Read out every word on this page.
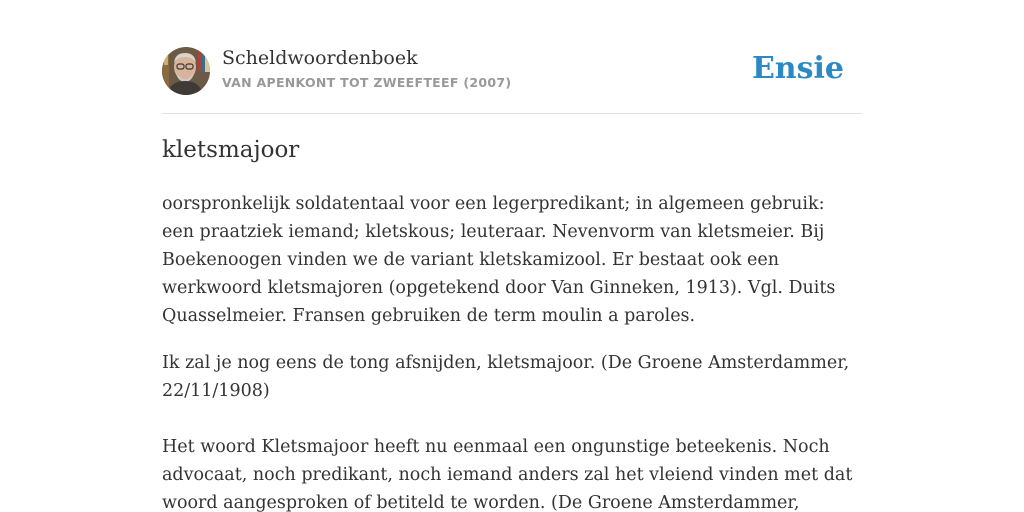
Scheldwoordenboek
VAN APENKONT TOT ZWEEFTEEF (2007)	Ensie
kletsmajoor

oorspronkelijk soldatentaal voor een legerpredikant; in algemeen gebruik: een praatziek iemand; kletskous; leuteraar. Nevenvorm van kletsmeier. Bij Boekenoogen vinden we de variant kletskamizool. Er bestaat ook een werkwoord kletsmajoren (opgetekend door Van Ginneken, 1913). Vgl. Duits Quasselmeier. Fransen gebruiken de term moulin a paroles.

Ik zal je nog eens de tong afsnijden, kletsmajoor. (De Groene Amsterdammer, 22/11/1908)

Het woord Kletsmajoor heeft nu eenmaal een ongunstige beteekenis. Noch advocaat, noch predikant, noch iemand anders zal het vleiend vinden met dat woord aangesproken of betiteld te worden. (De Groene Amsterdammer,
